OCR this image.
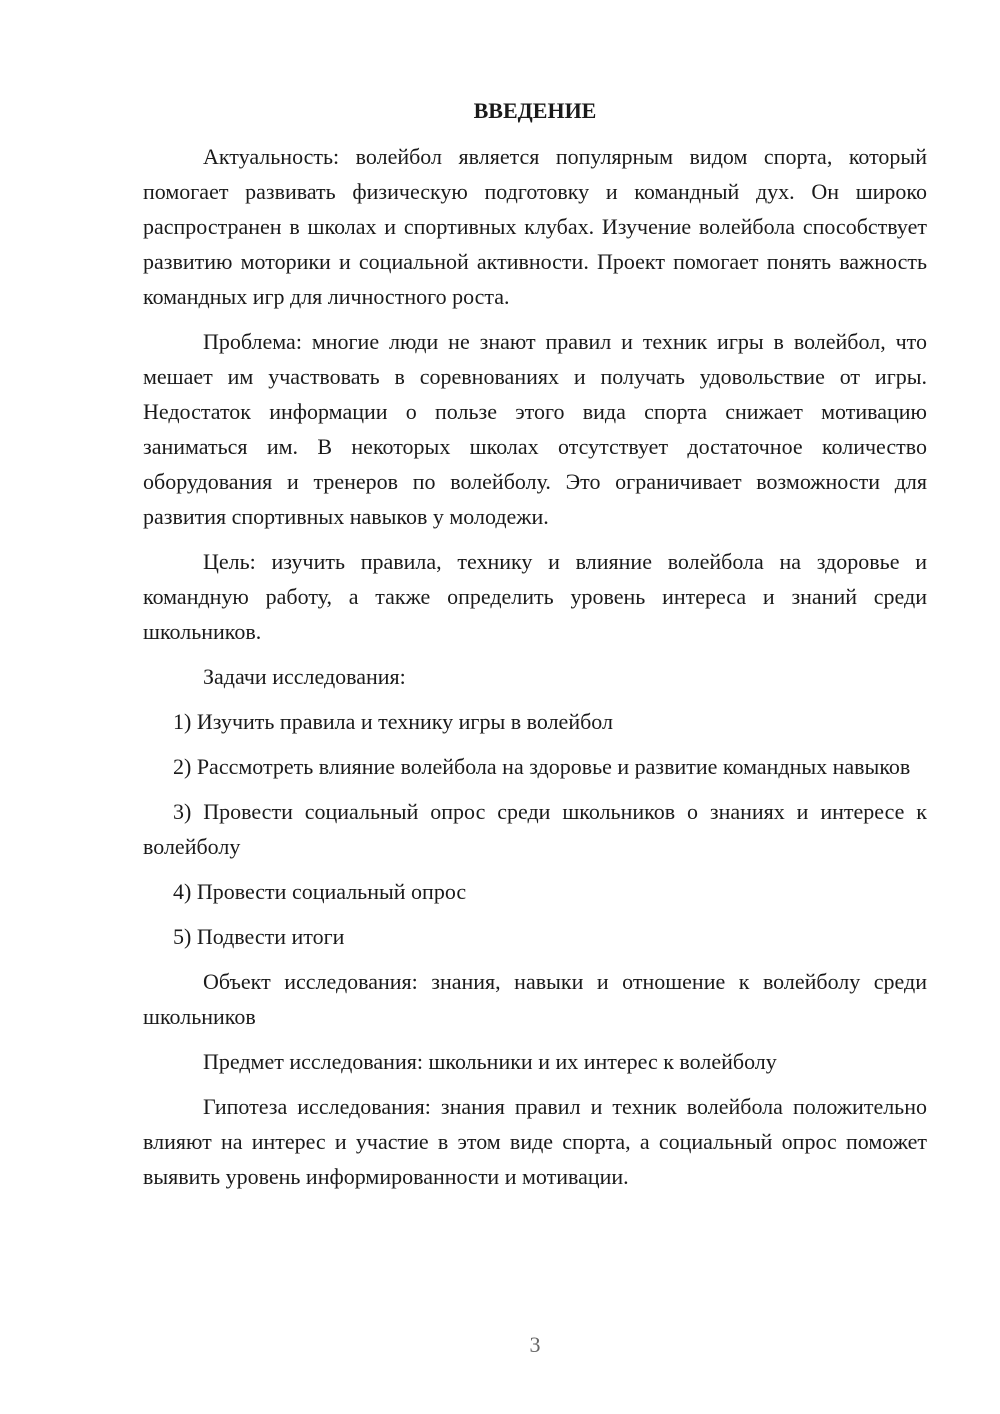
ВВЕДЕНИЕ

Актуальность: волейбол является популярным видом спорта, который помогает развивать физическую подготовку и командный дух. Он широко распространен в школах и спортивных клубах. Изучение волейбола способствует развитию моторики и социальной активности. Проект помогает понять важность командных игр для личностного роста.

Проблема: многие люди не знают правил и техник игры в волейбол, что мешает им участвовать в соревнованиях и получать удовольствие от игры. Недостаток информации о пользе этого вида спорта снижает мотивацию заниматься им. В некоторых школах отсутствует достаточное количество оборудования и тренеров по волейболу. Это ограничивает возможности для развития спортивных навыков у молодежи.

Цель: изучить правила, технику и влияние волейбола на здоровье и командную работу, а также определить уровень интереса и знаний среди школьников.

Задачи исследования:

1) Изучить правила и технику игры в волейбол

2) Рассмотреть влияние волейбола на здоровье и развитие командных навыков

3) Провести социальный опрос среди школьников о знаниях и интересе к волейболу

4) Провести социальный опрос

5) Подвести итоги

Объект исследования: знания, навыки и отношение к волейболу среди школьников

Предмет исследования: школьники и их интерес к волейболу

Гипотеза исследования: знания правил и техник волейбола положительно влияют на интерес и участие в этом виде спорта, а социальный опрос поможет выявить уровень информированности и мотивации.

3
